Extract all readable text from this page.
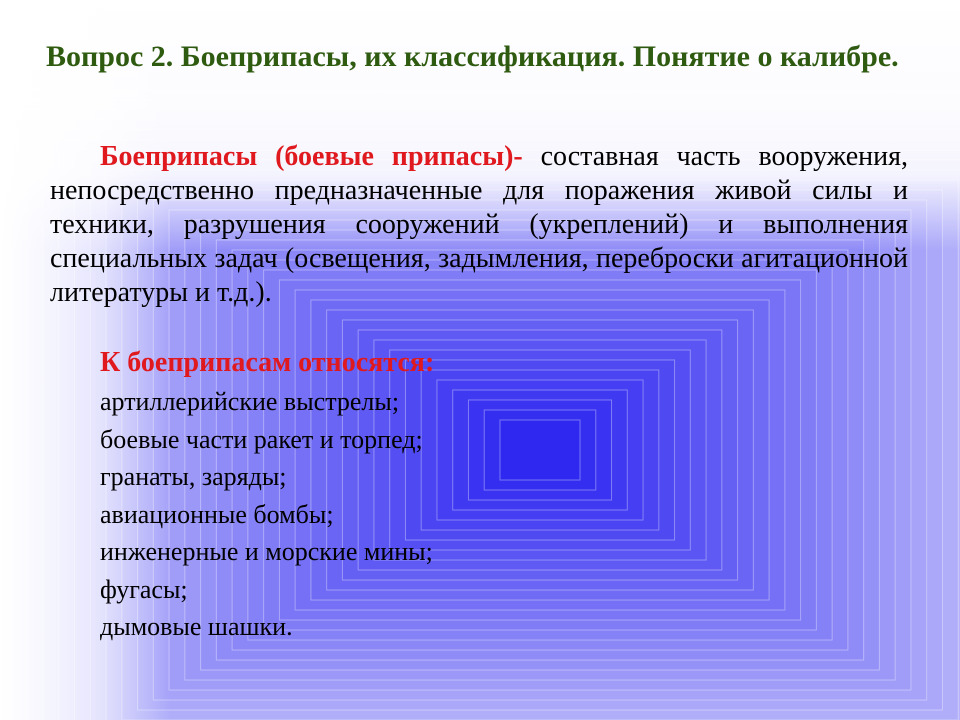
Вопрос 2. Боеприпасы, их классификация. Понятие о калибре.

Боеприпасы (боевые припасы)- составная часть вооружения, непосредственно предназначенные для поражения живой силы и техники, разрушения сооружений (укреплений) и выполнения специальных задач (освещения, задымления, переброски агитационной литературы и т.д.).

К боеприпасам относятся:

артиллерийские выстрелы;
боевые части ракет и торпед;
гранаты, заряды;
авиационные бомбы;
инженерные и морские мины;
фугасы;
дымовые шашки.
